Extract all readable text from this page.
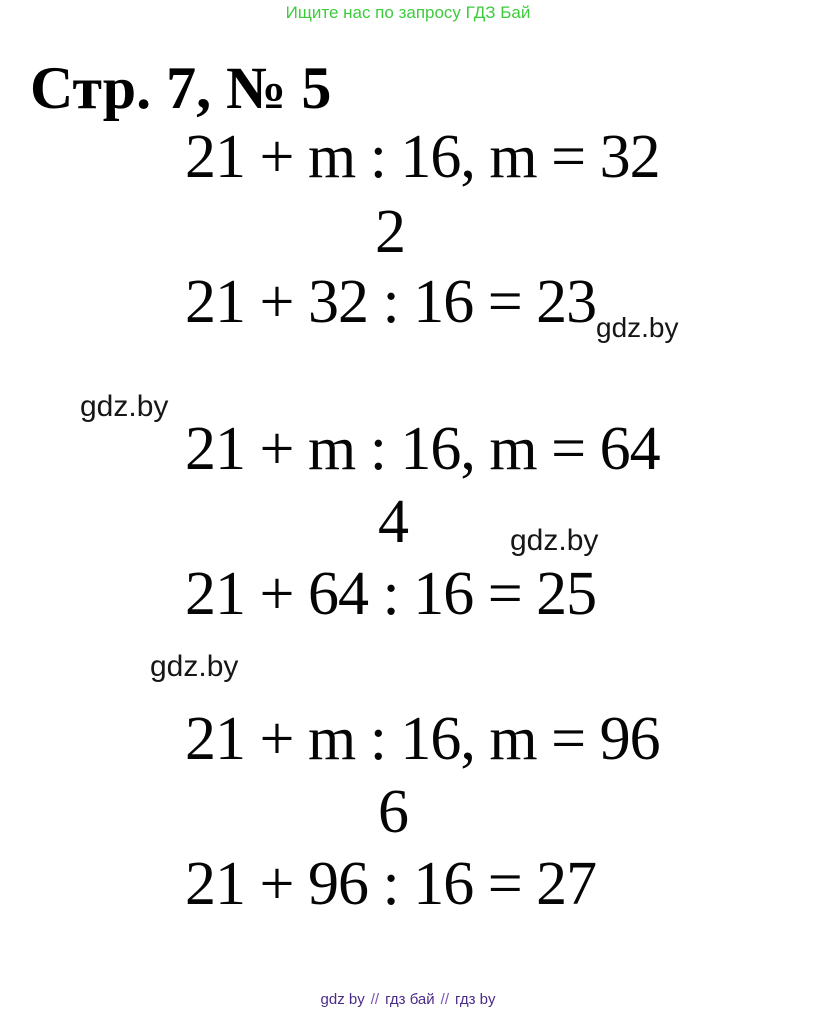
Ищите нас по запросу ГДЗ Бай
Стр. 7, № 5
21 + m : 16, m = 32
2
21 + 32 : 16 = 23 gdz.by
gdz.by
21 + m : 16, m = 64
4	gdz.by
21 + 64 : 16 = 25
gdz.by
21 + m : 16, m = 96
6
21 + 96 : 16 = 27
gdz by // гдз бай // гдз by
